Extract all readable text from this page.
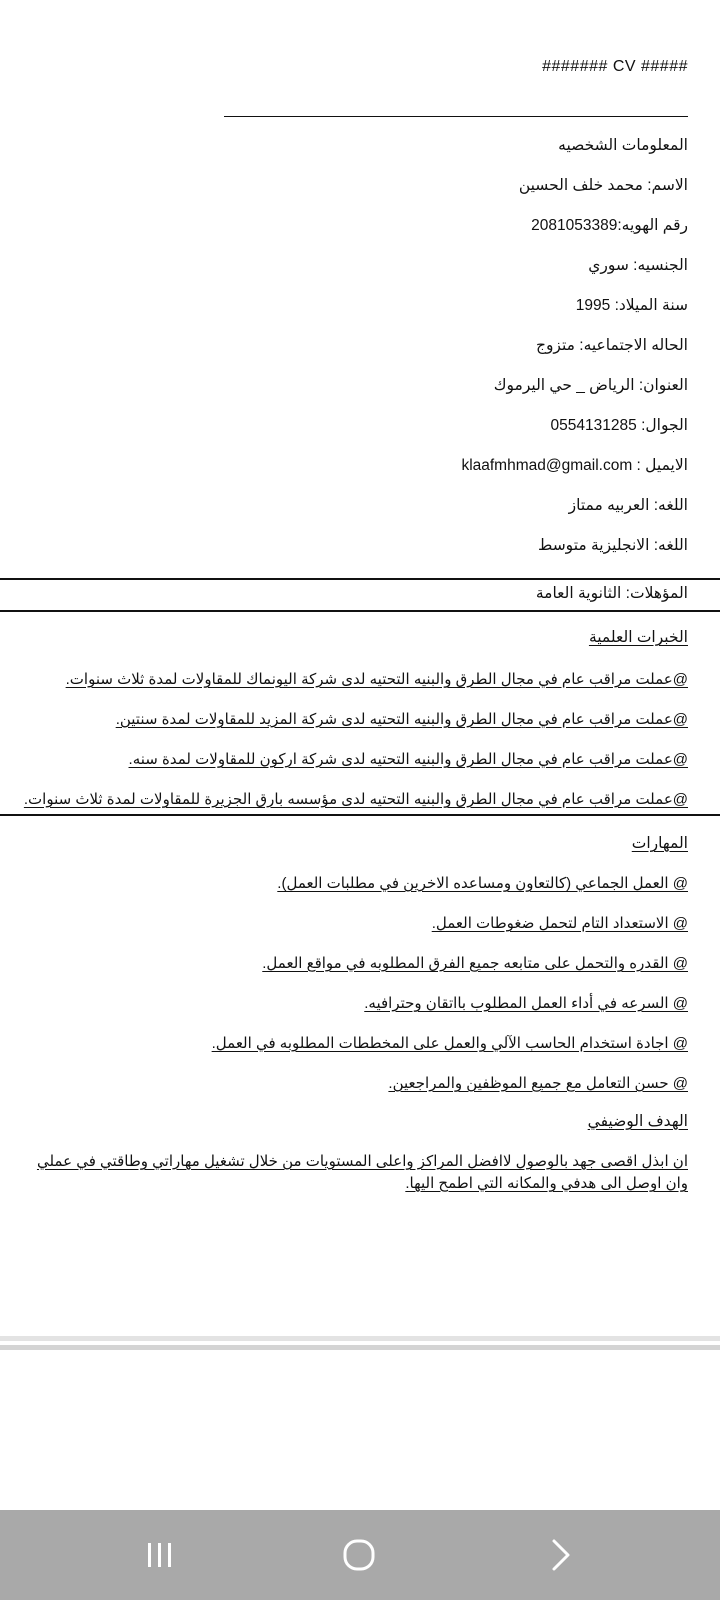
####### CV #####
المعلومات الشخصيه
الاسم: محمد خلف الحسين
رقم الهويه:2081053389
الجنسيه: سوري
سنة الميلاد: 1995
الحاله الاجتماعيه: متزوج
العنوان: الرياض _ حي اليرموك
الجوال: 0554131285
الايميل : klaafmhmad@gmail.com
اللغه: العربيه ممتاز
اللغه: الانجليزية متوسط
المؤهلات: الثانوية العامة
الخبرات العلمية
@عملت مراقب عام في مجال الطرق والبنيه التحتيه لدى شركة اليونماك للمقاولات لمدة ثلاث سنوات.
@عملت مراقب عام في مجال الطرق والبنيه التحتيه لدى شركة المزيد للمقاولات لمدة سنتين.
@عملت مراقب عام في مجال الطرق والبنيه التحتيه لدى شركة اركون للمقاولات لمدة سنه.
@عملت مراقب عام في مجال الطرق والبنيه التحتيه لدى مؤسسه بارق الجزيرة للمقاولات لمدة ثلاث سنوات.
المهارات
@ العمل الجماعي (كالتعاون ومساعده الاخرين في مطلبات العمل).
@ الاستعداد التام لتحمل ضغوطات العمل.
@ القدره والتحمل على متابعه جميع الفرق المطلوبه في مواقع العمل.
@ السرعه في أداء العمل المطلوب بااتقان وحترافيه.
@ اجادة استخدام الحاسب الآلي والعمل على المخططات المطلوبه في العمل.
@ حسن التعامل مع جميع الموظفين والمراجعين.
الهدف الوضيفي
ان ابذل اقصى جهد بالوصول لاافضل المراكز واعلى المستويات من خلال تشغيل مهاراتي وطاقتي في عملي
وان اوصل الى هدفي والمكانه التي اطمح اليها.
